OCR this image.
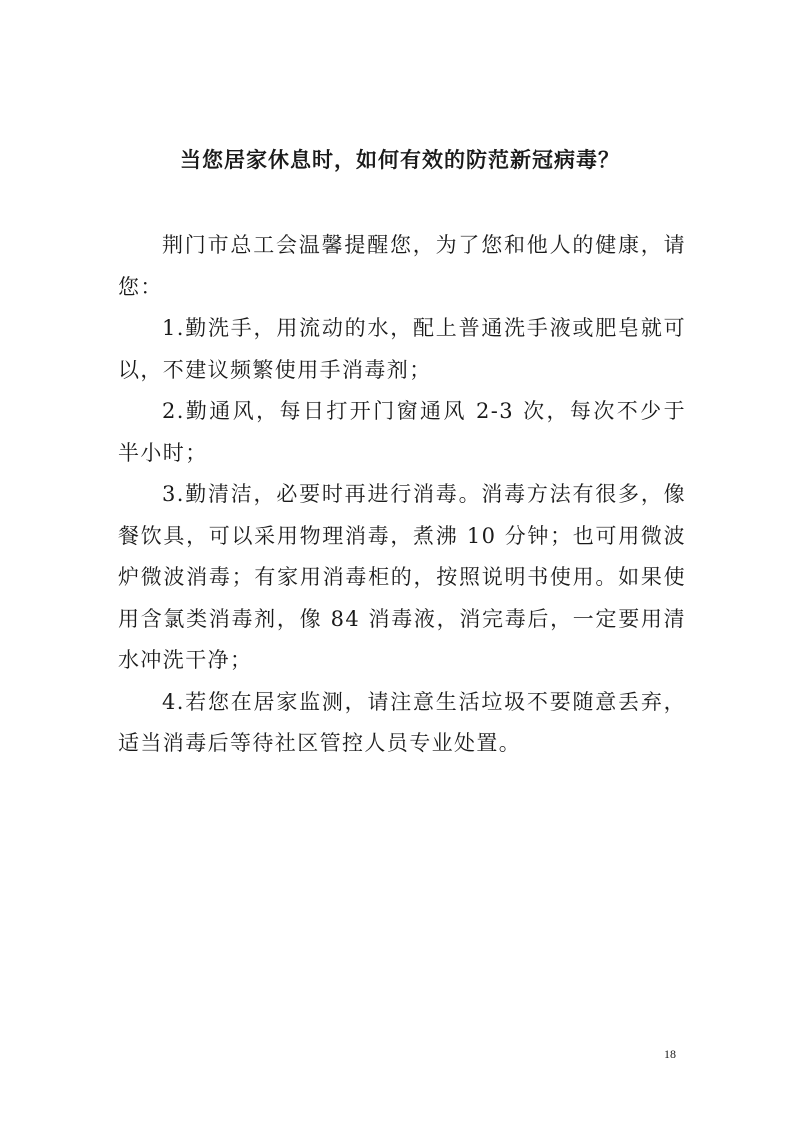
当您居家休息时，如何有效的防范新冠病毒？

荆门市总工会温馨提醒您，为了您和他人的健康，请您：

1.勤洗手，用流动的水，配上普通洗手液或肥皂就可以，不建议频繁使用手消毒剂；

2.勤通风，每日打开门窗通风 2-3 次，每次不少于半小时；

3.勤清洁，必要时再进行消毒。消毒方法有很多，像餐饮具，可以采用物理消毒，煮沸 10 分钟；也可用微波炉微波消毒；有家用消毒柜的，按照说明书使用。如果使用含氯类消毒剂，像 84 消毒液，消完毒后，一定要用清水冲洗干净；

4.若您在居家监测，请注意生活垃圾不要随意丢弃，适当消毒后等待社区管控人员专业处置。

18
